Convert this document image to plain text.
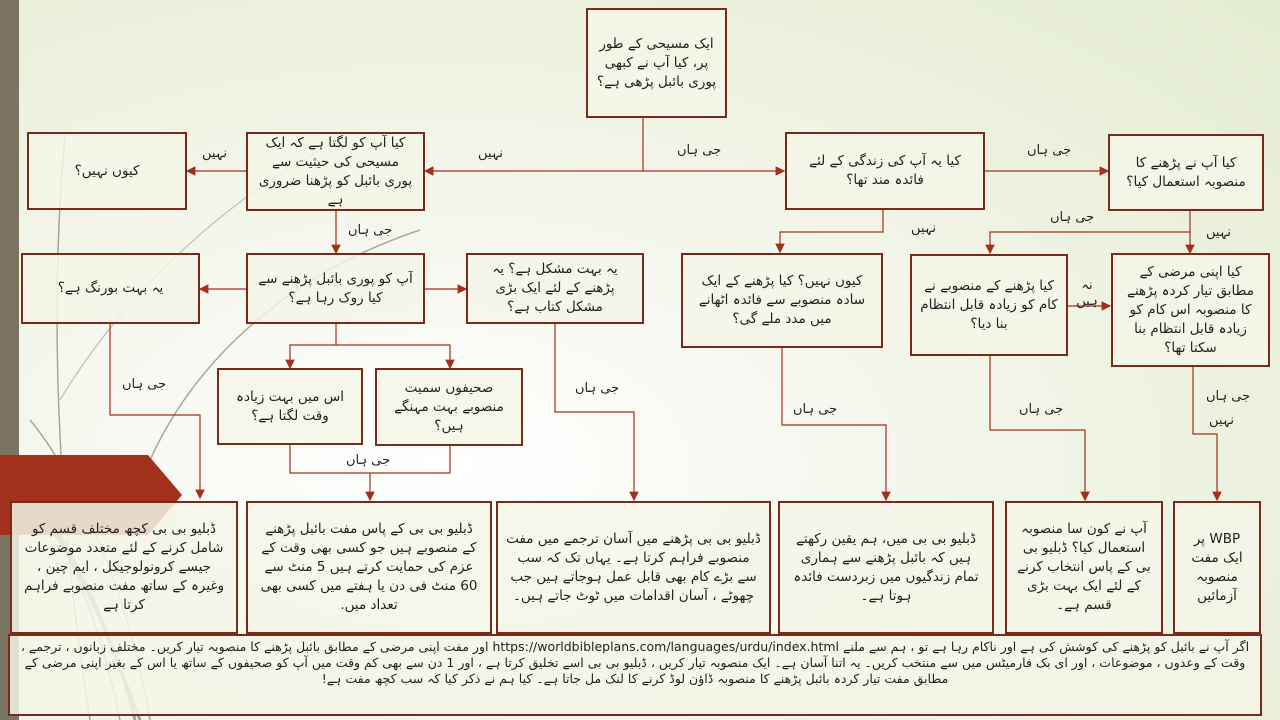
ایک مسیحی کے طور پر، کیا آپ نے کبھی پوری بائبل پڑھی ہے؟
کیا آپ کو لگتا ہے کہ ایک مسیحی کی حیثیت سے پوری بائبل کو پڑھنا ضروری ہے
کیوں نہیں؟
کیا یہ آپ کی زندگی کے لئے فائدہ مند تھا؟
کیا آپ نے پڑھنے کا منصوبہ استعمال کیا؟
یہ بہت بورنگ ہے؟
آپ کو پوری بائبل پڑھنے سے کیا روک رہا ہے؟
یہ بہت مشکل ہے؟ یہ پڑھنے کے لئے ایک بڑی مشکل کتاب ہے؟
کیوں نہیں؟ کیا پڑھنے کے ایک سادہ منصوبے سے فائدہ اٹھانے میں مدد ملے گی؟
کیا پڑھنے کے منصوبے نے کام کو زیادہ قابل انتظام بنا دیا؟
کیا اپنی مرضی کے مطابق تیار کردہ پڑھنے کا منصوبہ اس کام کو زیادہ قابل انتظام بنا سکتا تھا؟
اس میں بہت زیادہ وقت لگتا ہے؟
صحیفوں سمیت منصوبے بہت مہنگے ہیں؟
ڈبلیو بی بی کچھ مختلف قسم کو شامل کرنے کے لئے متعدد موضوعات جیسے کرونولوجیکل ، ایم چین ، وغیرہ کے ساتھ مفت منصوبے فراہم کرتا ہے
ڈبلیو بی بی کے پاس مفت بائبل پڑھنے کے منصوبے ہیں جو کسی بھی وقت کے عزم کی حمایت کرتے ہیں 5 منٹ سے 60 منٹ فی دن یا ہفتے میں کسی بھی تعداد میں.
ڈبلیو بی بی پڑھنے میں آسان ترجمے میں مفت منصوبے فراہم کرتا ہے۔ یہاں تک کہ سب سے بڑے کام بھی قابل عمل ہوجاتے ہیں جب چھوٹے ، آسان اقدامات میں ٹوٹ جاتے ہیں۔
ڈبلیو بی بی میں، ہم یقین رکھتے ہیں کہ بائبل پڑھنے سے ہماری تمام زندگیوں میں زبردست فائدہ ہوتا ہے۔
آپ نے کون سا منصوبہ استعمال کیا؟ ڈبلیو بی بی کے پاس انتخاب کرنے کے لئے ایک بہت بڑی قسم ہے۔
WBP پر ایک مفت منصوبہ آزمائیں
نہیں	نہیں	جی ہاں	جی ہاں
جی ہاں	نہیں
جی ہاں
نہیں
نہ ہیں
جی ہاں	جی ہاں
جی ہاں
جی ہاں	جی ہاں
جی ہاں
نہیں
اگر آپ نے بائبل کو پڑھنے کی کوشش کی ہے اور ناکام رہا ہے تو ، ہم سے ملنے https://worldbibleplans.com/languages/urdu/index.html اور مفت اپنی مرضی کے مطابق بائبل پڑھنے کا منصوبہ تیار کریں۔ مختلف زبانوں ، ترجمے ، وقت کے وعدوں ، موضوعات ، اور ای بک فارمیٹس میں سے منتخب کریں۔ یہ اتنا آسان ہے۔ ایک منصوبہ تیار کریں ، ڈبلیو بی بی اسے تخلیق کرتا ہے ، اور 1 دن سے بھی کم وقت میں آپ کو صحیفوں کے ساتھ یا اس کے بغیر اپنی مرضی کے مطابق مفت تیار کردہ بائبل پڑھنے کا منصوبہ ڈاؤن لوڈ کرنے کا لنک مل جاتا ہے۔ کیا ہم نے ذکر کیا کہ سب کچھ مفت ہے!
